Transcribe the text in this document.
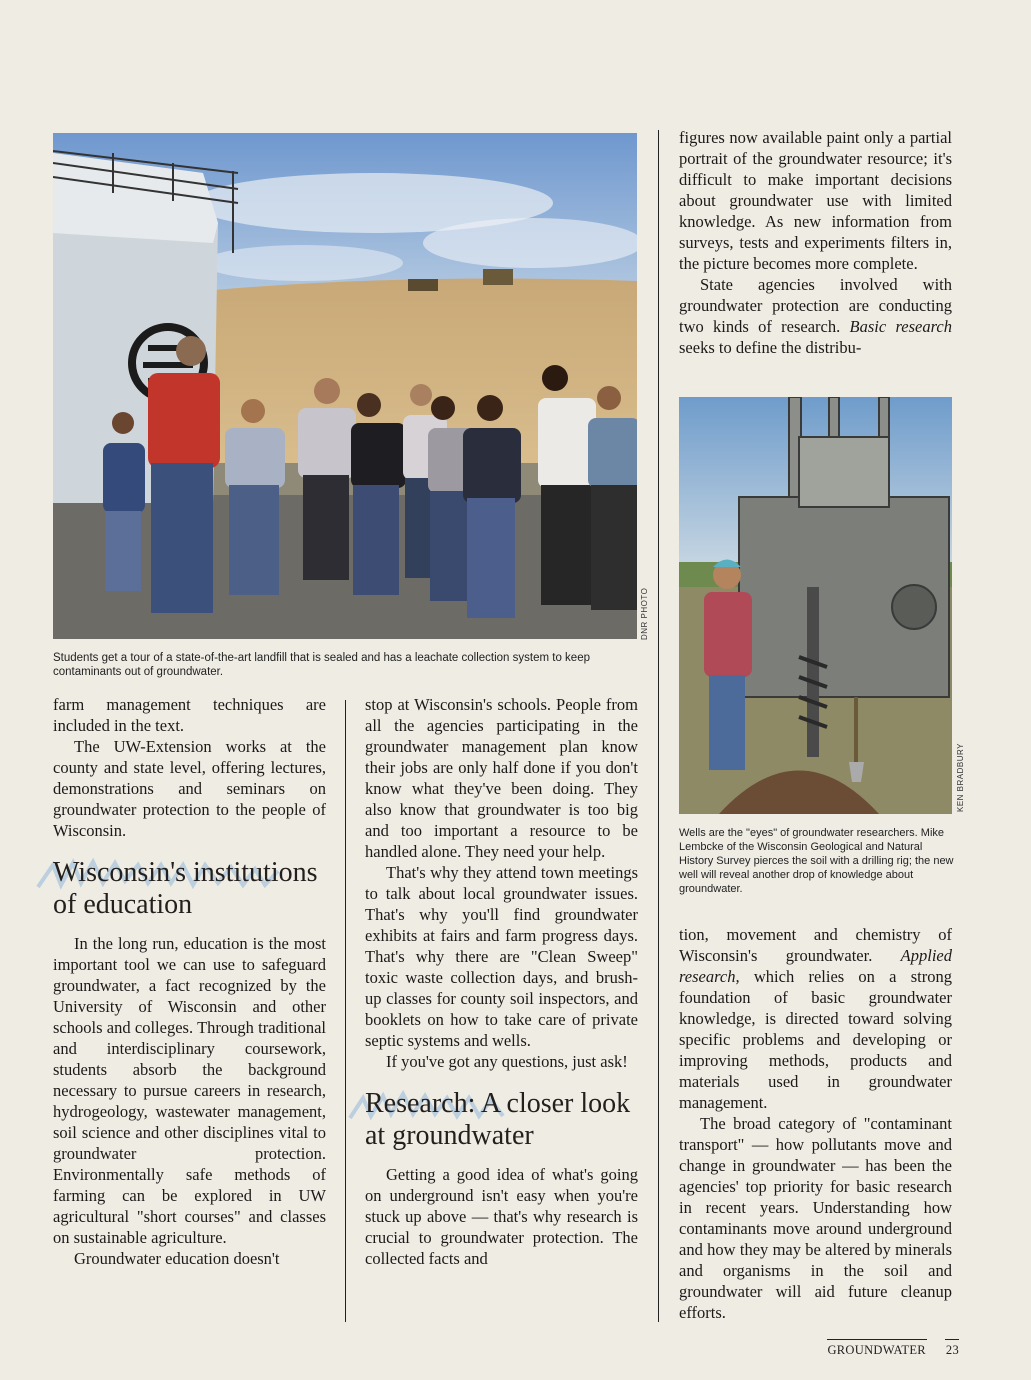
DNR PHOTO
Students get a tour of a state-of-the-art landfill that is sealed and has a leachate collection system to keep contaminants out of groundwater.
KEN BRADBURY
Wells are the "eyes" of groundwater researchers. Mike Lembcke of the Wisconsin Geological and Natural History Survey pierces the soil with a drilling rig; the new well will reveal another drop of knowledge about groundwater.

farm management techniques are included in the text.

The UW-Extension works at the county and state level, offering lectures, demonstrations and seminars on groundwater protection to the people of Wisconsin.

Wisconsin's institutions of education

In the long run, education is the most important tool we can use to safeguard groundwater, a fact recognized by the University of Wisconsin and other schools and colleges. Through traditional and interdisciplinary coursework, students absorb the background necessary to pursue careers in research, hydrogeology, wastewater management, soil science and other disciplines vital to groundwater protection. Environmentally safe methods of farming can be explored in UW agricultural "short courses" and classes on sustainable agriculture.

Groundwater education doesn't

stop at Wisconsin's schools. People from all the agencies participating in the groundwater management plan know their jobs are only half done if you don't know what they've been doing. They also know that groundwater is too big and too important a resource to be handled alone. They need your help.

That's why they attend town meetings to talk about local groundwater issues. That's why you'll find groundwater exhibits at fairs and farm progress days. That's why there are "Clean Sweep" toxic waste collection days, and brush-up classes for county soil inspectors, and booklets on how to take care of private septic systems and wells.

If you've got any questions, just ask!

Research: A closer look at groundwater

Getting a good idea of what's going on underground isn't easy when you're stuck up above — that's why research is crucial to groundwater protection. The collected facts and

figures now available paint only a partial portrait of the groundwater resource; it's difficult to make important decisions about groundwater use with limited knowledge. As new information from surveys, tests and experiments filters in, the picture becomes more complete.

State agencies involved with groundwater protection are conducting two kinds of research. Basic research seeks to define the distribu-

tion, movement and chemistry of Wisconsin's groundwater. Applied research, which relies on a strong foundation of basic groundwater knowledge, is directed toward solving specific problems and developing or improving methods, products and materials used in groundwater management.

The broad category of "contaminant transport" — how pollutants move and change in groundwater — has been the agencies' top priority for basic research in recent years. Understanding how contaminants move around underground and how they may be altered by minerals and organisms in the soil and groundwater will aid future cleanup efforts.

GROUNDWATER 23
